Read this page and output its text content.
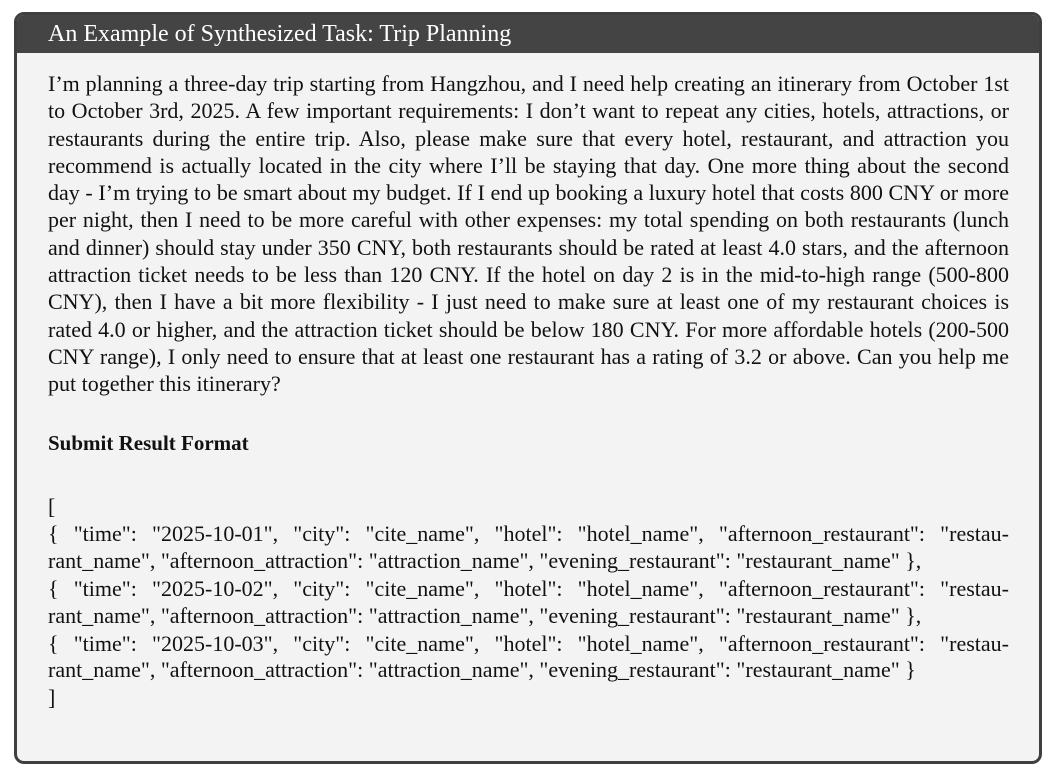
An Example of Synthesized Task: Trip Planning

I’m planning a three-day trip starting from Hangzhou, and I need help creating an itinerary from October 1st to October 3rd, 2025. A few important requirements: I don’t want to repeat any cities, hotels, attractions, or restaurants during the entire trip. Also, please make sure that every hotel, restaurant, and attraction you recommend is actually located in the city where I’ll be staying that day. One more thing about the second day - I’m trying to be smart about my budget. If I end up booking a luxury hotel that costs 800 CNY or more per night, then I need to be more careful with other expenses: my total spending on both restaurants (lunch and dinner) should stay under 350 CNY, both restaurants should be rated at least 4.0 stars, and the afternoon attraction ticket needs to be less than 120 CNY. If the hotel on day 2 is in the mid-to-high range (500-800 CNY), then I have a bit more flexibility - I just need to make sure at least one of my restaurant choices is rated 4.0 or higher, and the attraction ticket should be below 180 CNY. For more affordable hotels (200-500 CNY range), I only need to ensure that at least one restaurant has a rating of 3.2 or above. Can you help me put together this itinerary?

Submit Result Format
[
{ "time": "2025-10-01", "city": "cite_name", "hotel": "hotel_name", "afternoon_restaurant": "restau-rant_name", "afternoon_attraction": "attraction_name", "evening_restaurant": "restaurant_name" },
{ "time": "2025-10-02", "city": "cite_name", "hotel": "hotel_name", "afternoon_restaurant": "restau-rant_name", "afternoon_attraction": "attraction_name", "evening_restaurant": "restaurant_name" },
{ "time": "2025-10-03", "city": "cite_name", "hotel": "hotel_name", "afternoon_restaurant": "restau-rant_name", "afternoon_attraction": "attraction_name", "evening_restaurant": "restaurant_name" }
]
